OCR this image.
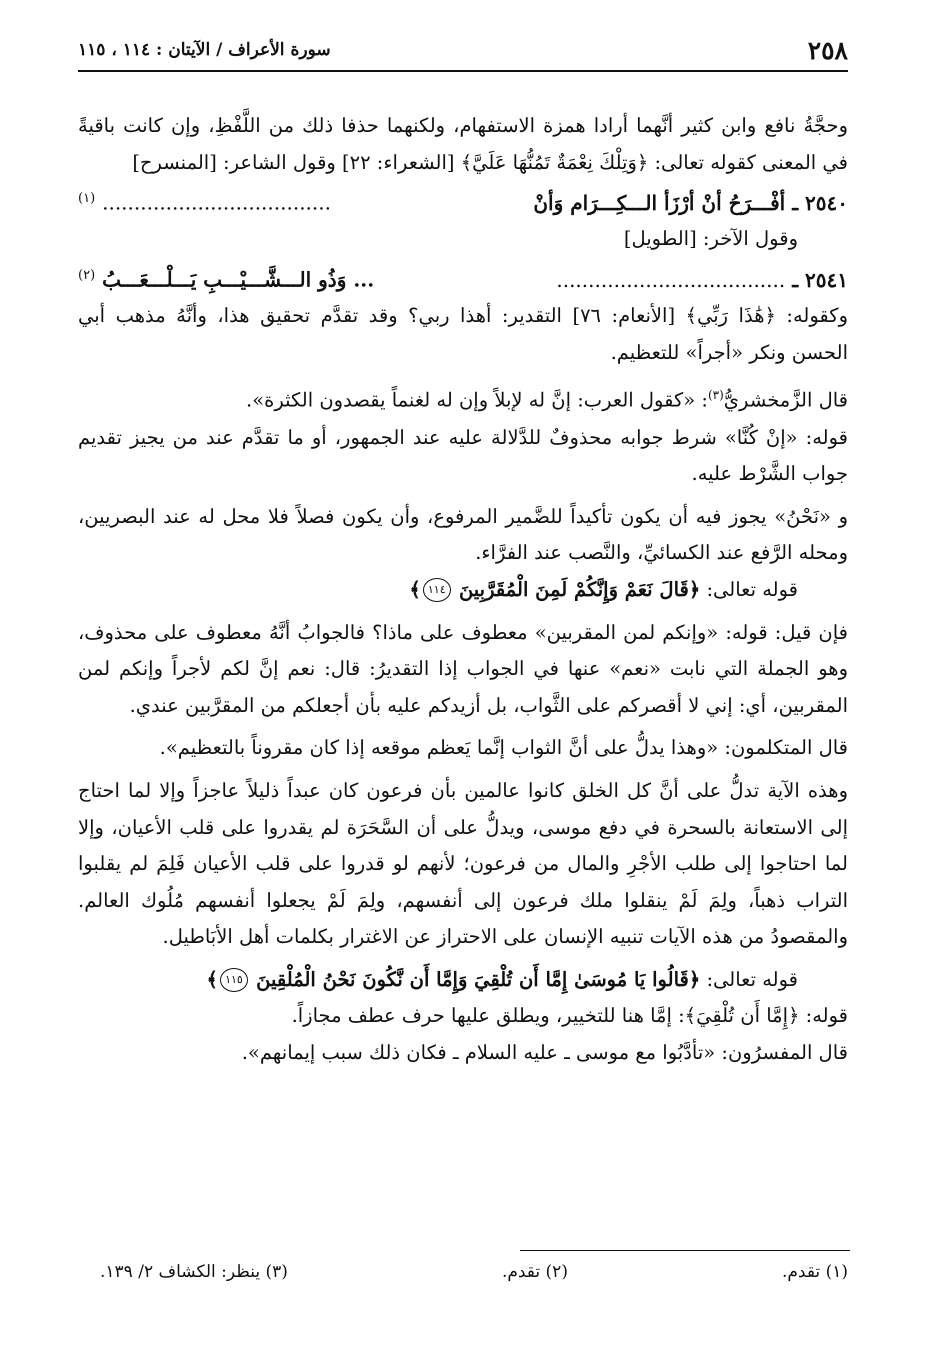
٢٥٨
سورة الأعراف / الآيتان : ١١٤ ، ١١٥

وحجَّةُ نافع وابن كثير أنَّهما أرادا همزة الاستفهام، ولكنهما حذفا ذلك من اللَّفْظِ، وإن كانت باقيةً في المعنى كقوله تعالى: ﴿وَتِلْكَ نِعْمَةٌ تَمُنُّهَا عَلَيَّ﴾ [الشعراء: ٢٢] وقول الشاعر: [المنسرح]

٢٥٤٠ ـ أفْـــرَحُ أنْ أرْزَأ الـــكِـــرَام وَأنْ
.................................... $^{(١)}$

وقول الآخر: [الطويل]

٢٥٤١ ـ ....................................
... وَذُو الـــشَّـــيْـــبِ يَـــلْـــعَـــبُ $^{(٢)}$

وكقوله: ﴿هَٰذَا رَبِّي﴾ [الأنعام: ٧٦] التقدير: أهذا ربي؟ وقد تقدَّم تحقيق هذا، وأنَّهُ مذهب أبي الحسن ونكر «أجراً» للتعظيم.

قال الزَّمخشريُّ$^{(٣)}$: «كقول العرب: إنَّ له لإبلاً وإن له لغنماً يقصدون الكثرة».

قوله: «إنْ كُنَّا» شرط جوابه محذوفٌ للدَّلالة عليه عند الجمهور، أو ما تقدَّم عند من يجيز تقديم جواب الشَّرْط عليه.

و «نَحْنُ» يجوز فيه أن يكون تأكيداً للضَّمير المرفوع، وأن يكون فصلاً فلا محل له عند البصريين، ومحله الرَّفع عند الكسائيِّ، والنَّصب عند الفرَّاء.

قوله تعالى: ﴿قَالَ نَعَمْ وَإِنَّكُمْ لَمِنَ الْمُقَرَّبِينَ ١١٤﴾

فإن قيل: قوله: «وإنكم لمن المقربين» معطوف على ماذا؟ فالجوابُ أنَّهُ معطوف على محذوف، وهو الجملة التي نابت «نعم» عنها في الجواب إذا التقديرُ: قال: نعم إنَّ لكم لأجراً وإنكم لمن المقربين، أي: إني لا أقصركم على الثَّواب، بل أزيدكم عليه بأن أجعلكم من المقرَّبين عندي.

قال المتكلمون: «وهذا يدلُّ على أنَّ الثواب إنَّما يَعظم موقعه إذا كان مقروناً بالتعظيم».

وهذه الآية تدلُّ على أنَّ كل الخلق كانوا عالمين بأن فرعون كان عبداً ذليلاً عاجزاً وإلا لما احتاج إلى الاستعانة بالسحرة في دفع موسى، ويدلُّ على أن السَّحَرَة لم يقدروا على قلب الأعيان، وإلا لما احتاجوا إلى طلب الأجْرِ والمال من فرعون؛ لأنهم لو قدروا على قلب الأعيان فَلِمَ لم يقلبوا التراب ذهباً، ولِمَ لَمْ ينقلوا ملك فرعون إلى أنفسهم، ولِمَ لَمْ يجعلوا أنفسهم مُلُوك العالم. والمقصودُ من هذه الآيات تنبيه الإنسان على الاحتراز عن الاغترار بكلمات أهل الأبَاطيل.

قوله تعالى: ﴿قَالُوا يَا مُوسَىٰ إِمَّا أَن تُلْقِيَ وَإِمَّا أَن نَّكُونَ نَحْنُ الْمُلْقِينَ ١١٥﴾

قوله: ﴿إِمَّا أَن تُلْقِيَ﴾: إمَّا هنا للتخيير، ويطلق عليها حرف عطف مجازاً.

قال المفسرُون: «تأدَّبُوا مع موسى ـ عليه السلام ـ فكان ذلك سبب إيمانهم».

(١) تقدم.
(٢) تقدم.
(٣) ينظر: الكشاف ٢/ ١٣٩.
